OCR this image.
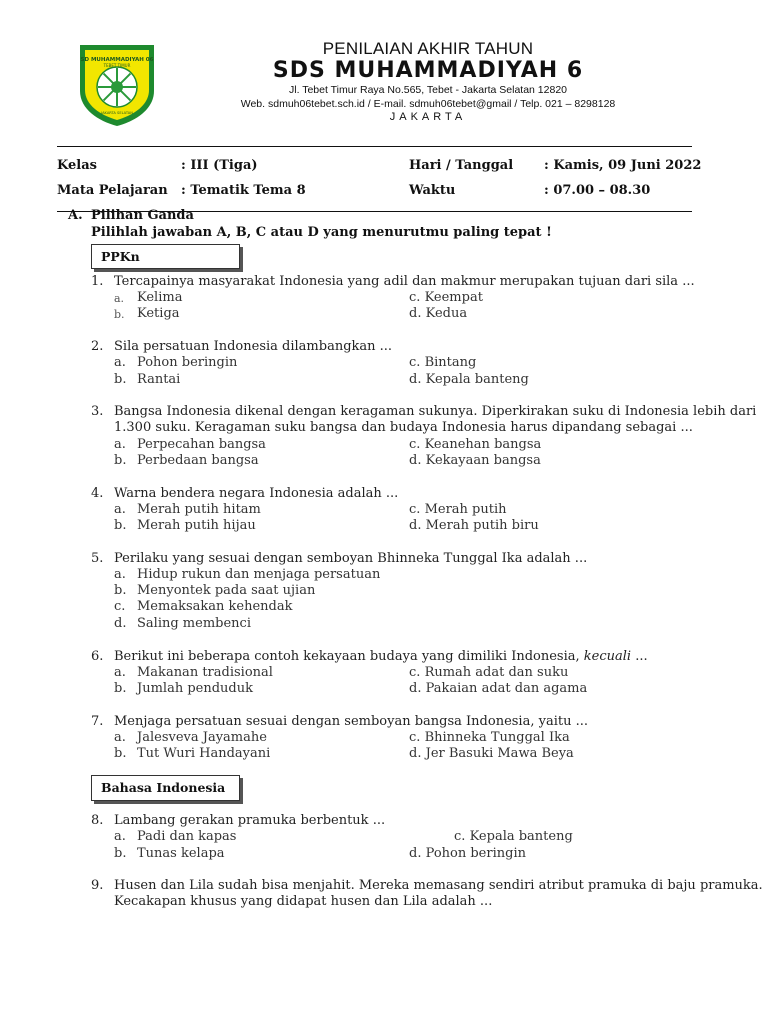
SD MUHAMMADIYAH 06
TEBET TIMUR
JAKARTA SELATAN
PENILAIAN AKHIR TAHUN
SDS MUHAMMADIYAH 6
Jl. Tebet Timur Raya No.565, Tebet - Jakarta Selatan 12820
Web. sdmuh06tebet.sch.id / E-mail. sdmuh06tebet@gmail / Telp. 021 – 8298128
JAKARTA
Kelas	: III (Tiga)	Hari / Tanggal : Kamis, 09 Juni 2022
Mata Pelajaran : Tematik Tema 8	Waktu	: 07.00 – 08.30
A. Pilihan Ganda
Pilihlah jawaban A, B, C atau D yang menurutmu paling tepat !
PPKn
1. Tercapainya masyarakat Indonesia yang adil dan makmur merupakan tujuan dari sila ...
a. Kelima	c. Keempat
b. Ketiga	d. Kedua
2. Sila persatuan Indonesia dilambangkan ...
a. Pohon beringin	c. Bintang
b. Rantai	d. Kepala banteng
3. Bangsa Indonesia dikenal dengan keragaman sukunya. Diperkirakan suku di Indonesia lebih dari
1.300 suku. Keragaman suku bangsa dan budaya Indonesia harus dipandang sebagai ...
a. Perpecahan bangsa	c. Keanehan bangsa
b. Perbedaan bangsa	d. Kekayaan bangsa
4. Warna bendera negara Indonesia adalah ...
a. Merah putih hitam	c. Merah putih
b. Merah putih hijau	d. Merah putih biru
5. Perilaku yang sesuai dengan semboyan Bhinneka Tunggal Ika adalah ...
a. Hidup rukun dan menjaga persatuan
b. Menyontek pada saat ujian
c. Memaksakan kehendak
d. Saling membenci
6. Berikut ini beberapa contoh kekayaan budaya yang dimiliki Indonesia, kecuali ...
a. Makanan tradisional	c. Rumah adat dan suku
b. Jumlah penduduk	d. Pakaian adat dan agama
7. Menjaga persatuan sesuai dengan semboyan bangsa Indonesia, yaitu ...
a. Jalesveva Jayamahe	c. Bhinneka Tunggal Ika
b. Tut Wuri Handayani	d. Jer Basuki Mawa Beya
Bahasa Indonesia
8. Lambang gerakan pramuka berbentuk ...
a. Padi dan kapas	c. Kepala banteng
b. Tunas kelapa	d. Pohon beringin
9. Husen dan Lila sudah bisa menjahit. Mereka memasang sendiri atribut pramuka di baju pramuka.
Kecakapan khusus yang didapat husen dan Lila adalah ...
